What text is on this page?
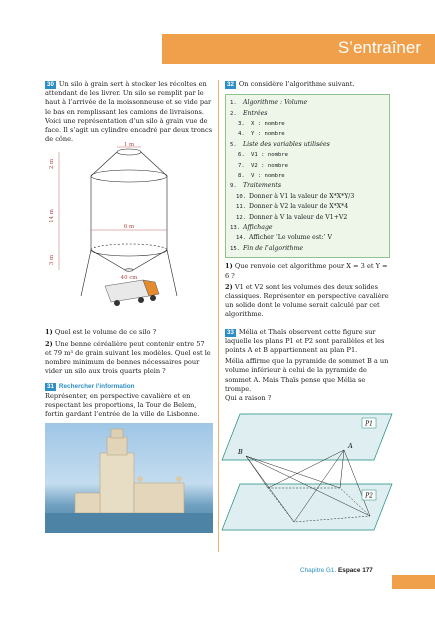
S’entraîner
30 Un silo à grain sert à stocker les récoltes en attendant de les livrer. Un silo se remplit par le haut à l’arrivée de la moissonneuse et se vide par le bas en remplissant les camions de livraisons.
Voici une représentation d’un silo à grain vue de face. Il s’agit un cylindre encadré par deux troncs de cône.
1 m
2 m
14 m
6 m
3 m
40 cm
1) Quel est le volume de ce silo ?
2) Une benne céréalière peut contenir entre 57 et 79 m³ de grain suivant les modèles. Quel est le nombre minimum de bennes nécessaires pour vider un silo aux trois quarts plein ?
31 Rechercher l’information
Représenter, en perspective cavalière et en respectant les proportions, la Tour de Belem, fortin gardant l’entrée de la ville de Lisbonne.
32 On considère l’algorithme suivant.
1. Algorithme : Volume
2. Entrées
3. X : nombre
4. Y : nombre
5. Liste des variables utilisées
6. V1 : nombre
7. V2 : nombre
8. V : nombre
9. Traitements
10. Donner à V1 la valeur de X*X*Y/3
11. Donner à V2 la valeur de X*X*4
12. Donner à V la valeur de V1+V2
13. Affichage
14. Afficher ’Le volume est:’ V
15. Fin de l’algorithme
1) Que renvoie cet algorithme pour X = 3 et Y = 6 ?
2) V1 et V2 sont les volumes des deux solides classiques. Représenter en perspective cavalière un solide dont le volume serait calculé par cet algorithme.
33 Mélia et Thaïs observent cette figure sur laquelle les plans P1 et P2 sont parallèles et les points A et B appartiennent au plan P1.
Mélia affirme que la pyramide de sommet B a un volume inférieur à celui de la pyramide de sommet A. Mais Thaïs pense que Mélia se trompe.
Qui a raison ?
P1
P2
A
B
Chapitre G1. Espace 177
